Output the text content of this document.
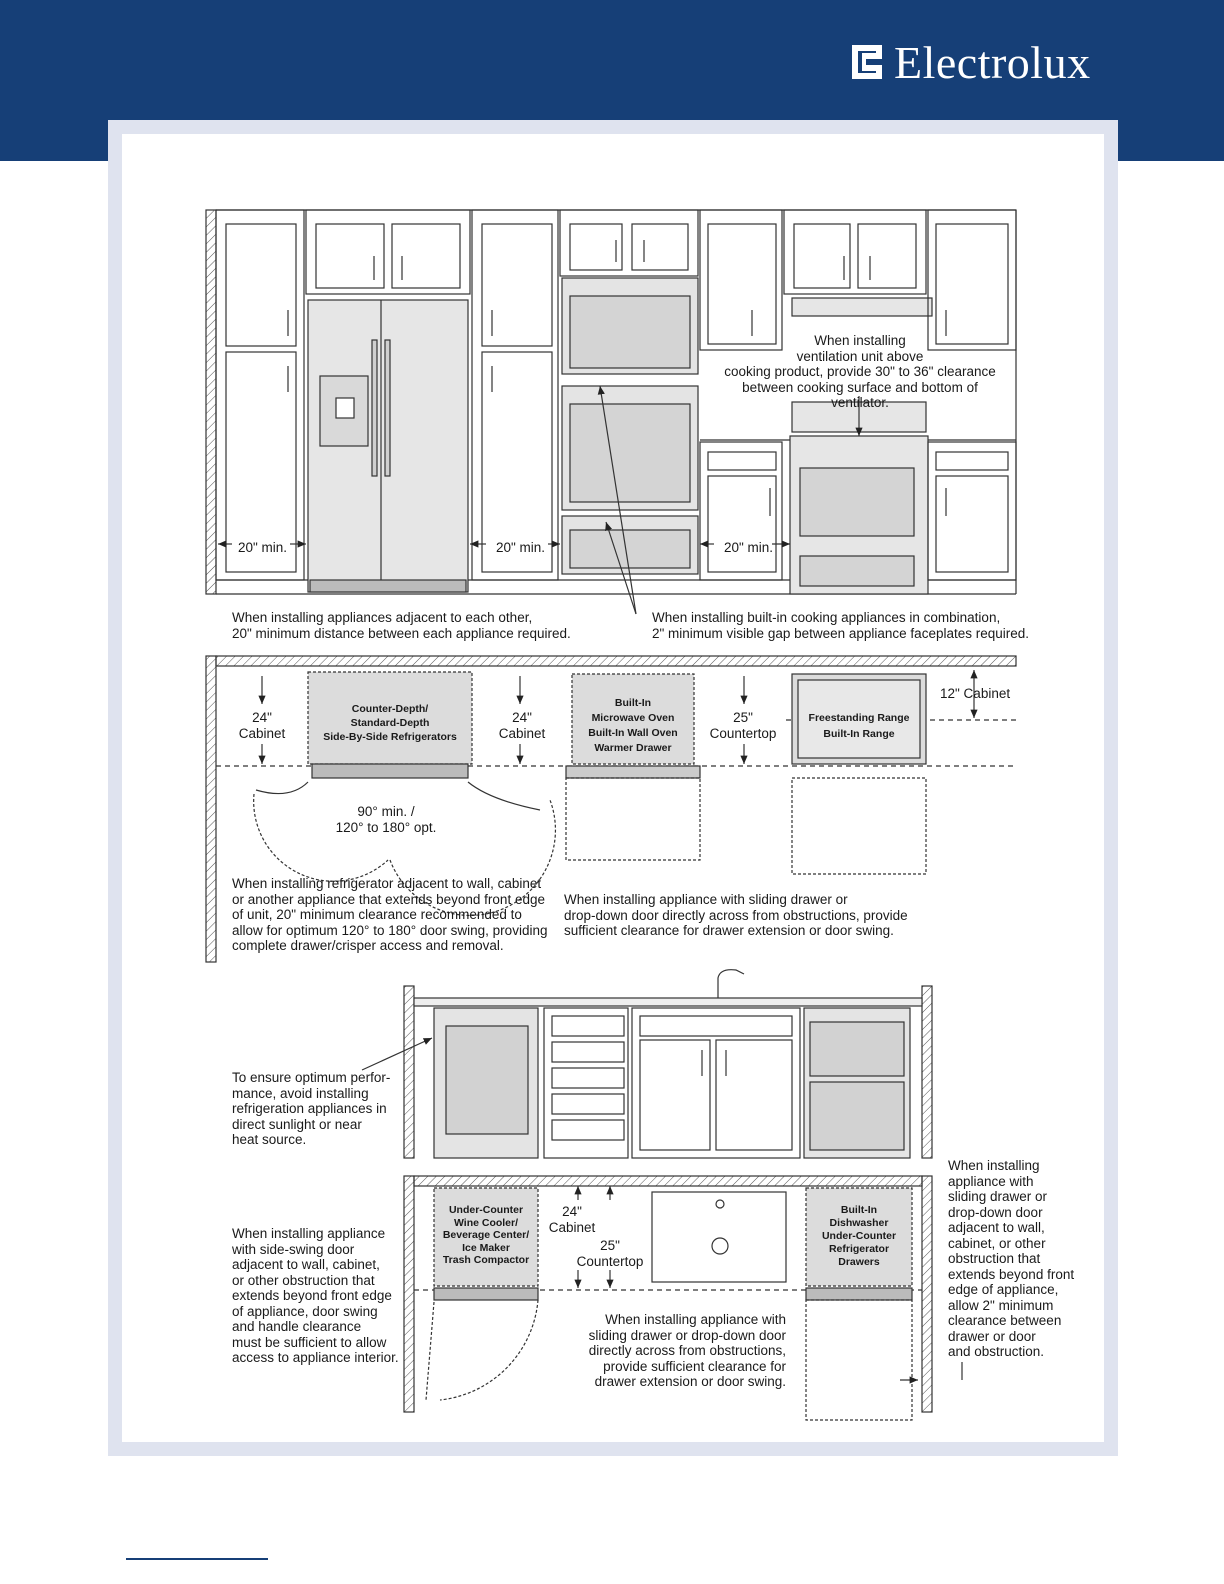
Electrolux
20" min.	20" min.	20" min.
When installing
ventilation unit above
cooking product, provide 30" to 36" clearance
between cooking surface and bottom of ventilator.
When installing appliances adjacent to each other,
20" minimum distance between each appliance required.
When installing built-in cooking appliances in combination,
2" minimum visible gap between appliance faceplates required.
24"
Cabinet
Counter-Depth/
Standard-Depth
Side-By-Side Refrigerators
24"
Cabinet
Built-In
Microwave Oven
Built-In Wall Oven
Warmer Drawer
25"
Countertop
Freestanding Range
Built-In Range
12" Cabinet
90° min. /
120° to 180° opt.
When installing refrigerator adjacent to wall, cabinet
or another appliance that extends beyond front edge
of unit, 20" minimum clearance recommended to
allow for optimum 120° to 180° door swing, providing
complete drawer/crisper access and removal.
When installing appliance with sliding drawer or
drop-down door directly across from obstructions, provide
sufficient clearance for drawer extension or door swing.
To ensure optimum perfor-
mance, avoid installing
refrigeration appliances in
direct sunlight or near
heat source.
Under-Counter
Wine Cooler/
Beverage Center/
Ice Maker
Trash Compactor
24"
Cabinet
25"
Countertop
Built-In
Dishwasher
Under-Counter
Refrigerator
Drawers
When installing appliance
with side-swing door
adjacent to wall, cabinet,
or other obstruction that
extends beyond front edge
of appliance, door swing
and handle clearance
must be sufficient to allow
access to appliance interior.
When installing appliance with
sliding drawer or drop-down door
directly across from obstructions,
provide sufficient clearance for
drawer extension or door swing.
When installing
appliance with
sliding drawer or
drop-down door
adjacent to wall,
cabinet, or other
obstruction that
extends beyond front
edge of appliance,
allow 2" minimum
clearance between
drawer or door
and obstruction.
